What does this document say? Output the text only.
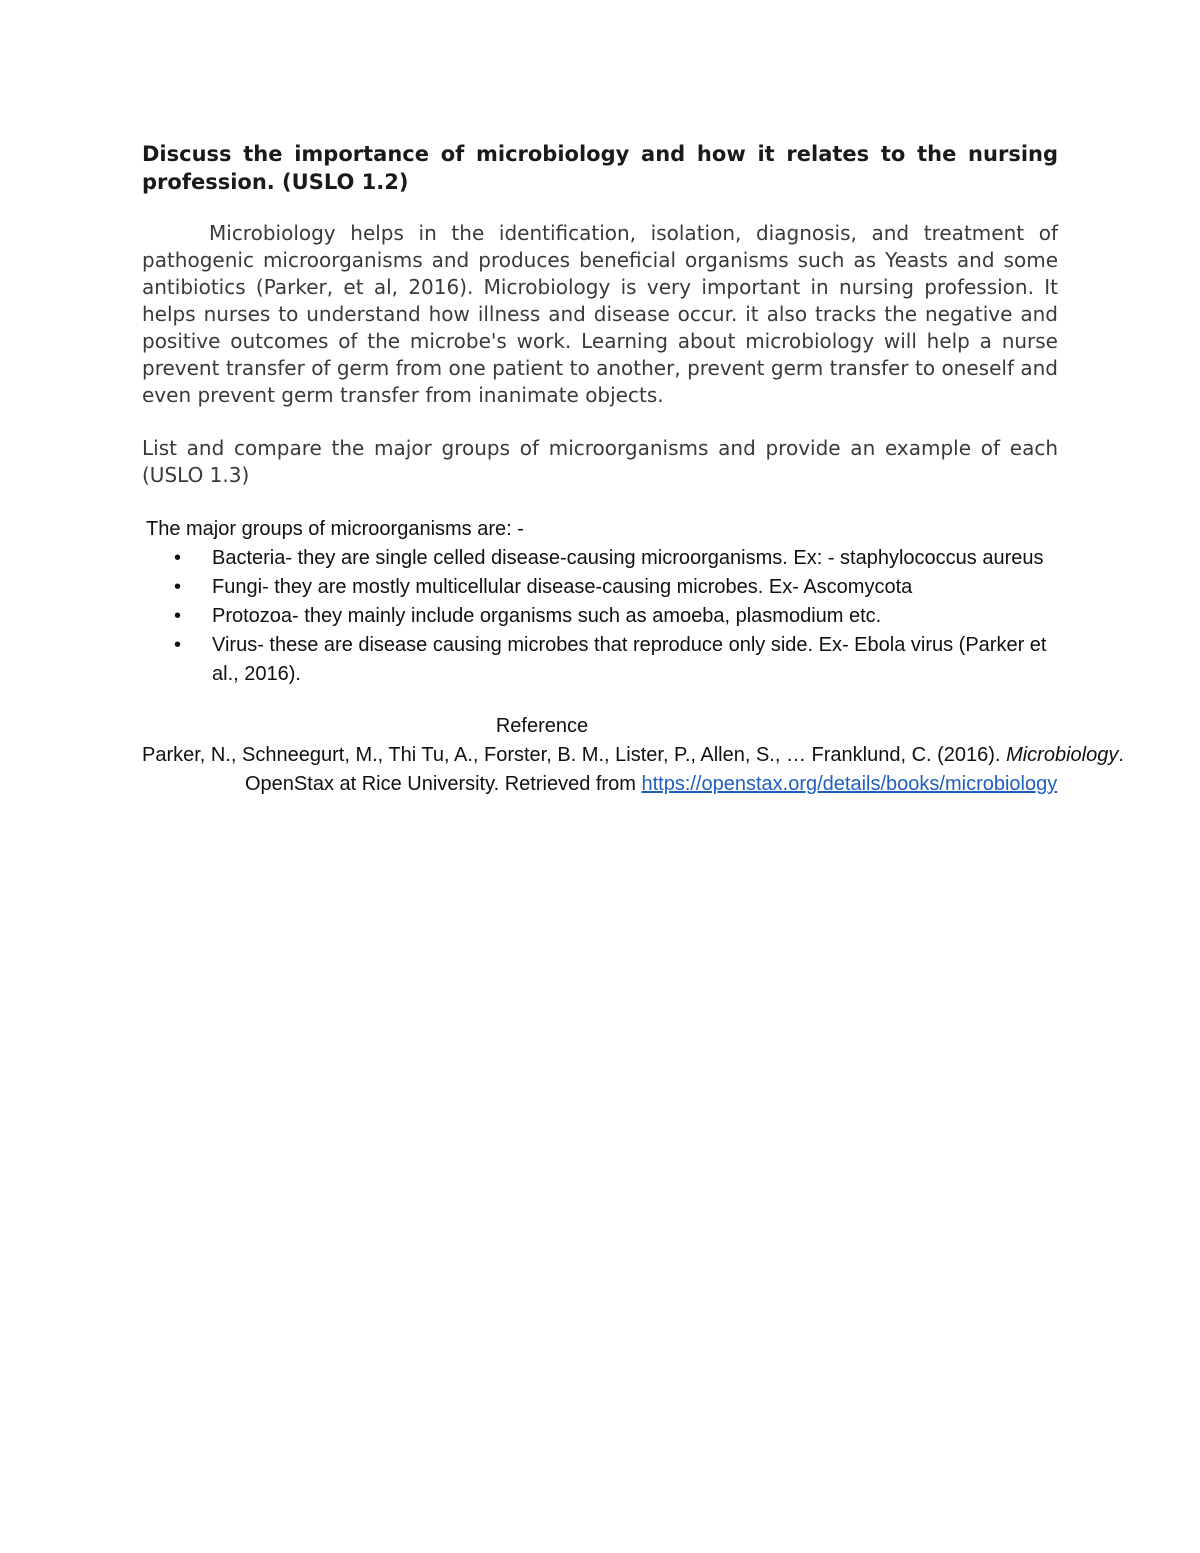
Discuss the importance of microbiology and how it relates to the nursing profession. (USLO 1.2)

Microbiology helps in the identification, isolation, diagnosis, and treatment of pathogenic microorganisms and produces beneficial organisms such as Yeasts and some antibiotics (Parker, et al, 2016). Microbiology is very important in nursing profession. It helps nurses to understand how illness and disease occur. it also tracks the negative and positive outcomes of the microbe's work. Learning about microbiology will help a nurse prevent transfer of germ from one patient to another, prevent germ transfer to oneself and even prevent germ transfer from inanimate objects.

List and compare the major groups of microorganisms and provide an example of each (USLO 1.3)

The major groups of microorganisms are: -

• Bacteria- they are single celled disease-causing microorganisms. Ex: - staphylococcus aureus
• Fungi- they are mostly multicellular disease-causing microbes. Ex- Ascomycota
• Protozoa- they mainly include organisms such as amoeba, plasmodium etc.
• Virus- these are disease causing microbes that reproduce only side. Ex- Ebola virus (Parker et al., 2016).

Reference

Parker, N., Schneegurt, M., Thi Tu, A., Forster, B. M., Lister, P., Allen, S., … Franklund, C. (2016). Microbiology. OpenStax at Rice University. Retrieved from https://openstax.org/details/books/microbiology
